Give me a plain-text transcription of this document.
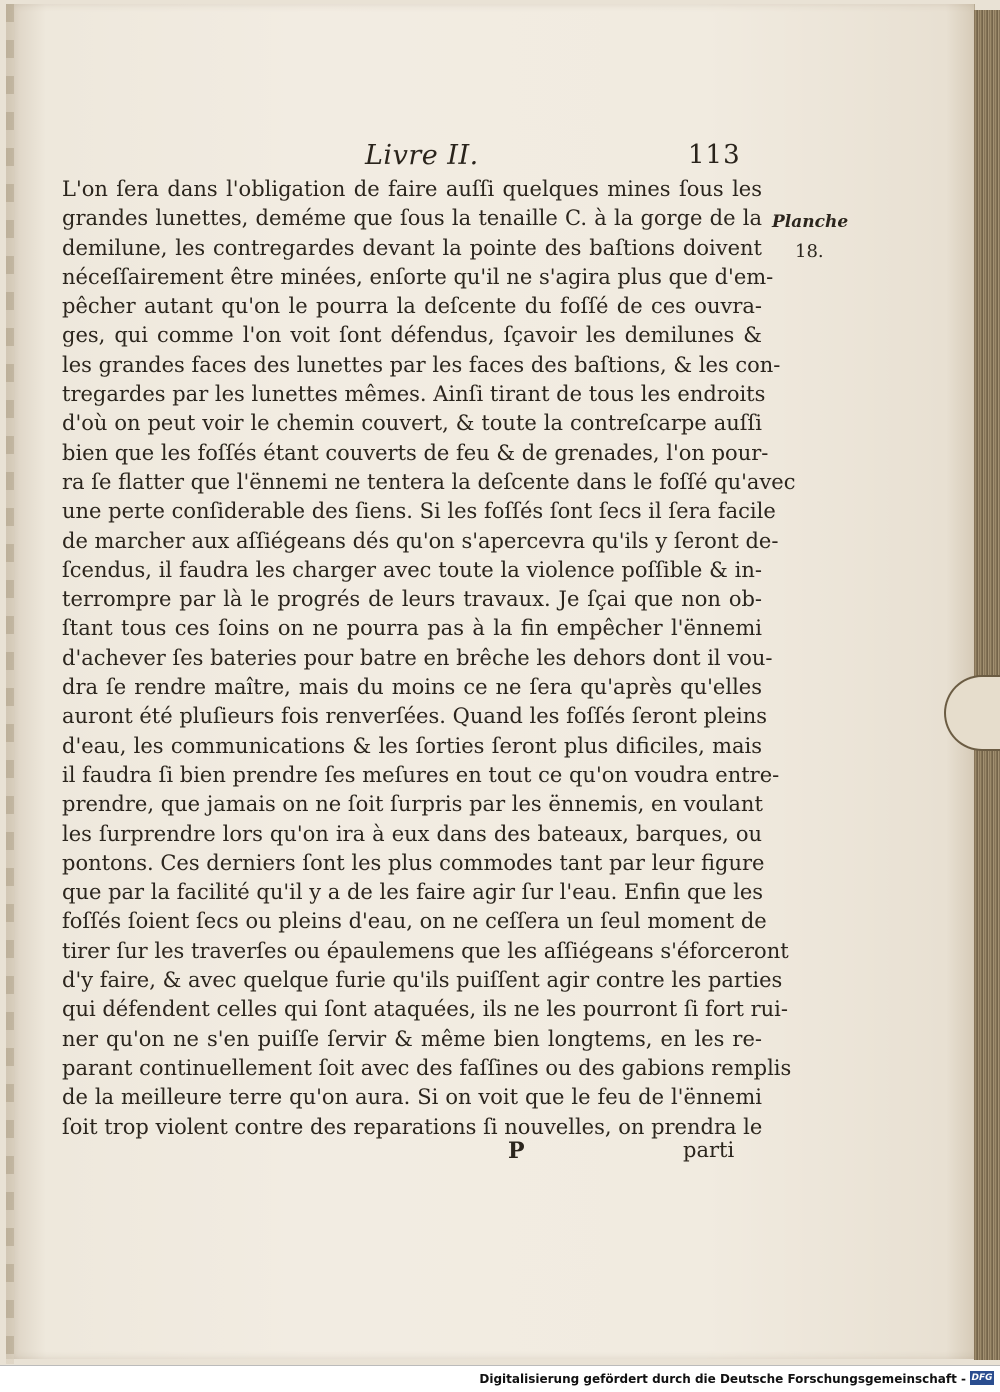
Livre II.	113
Planche
18.
L'on ſera dans l'obligation de faire auſſi quelques mines ſous les
grandes lunettes, deméme que ſous la tenaille C. à la gorge de la
demilune, les contregardes devant la pointe des baſtions doivent
néceſſairement être minées, enſorte qu'il ne s'agira plus que d'em-
pêcher autant qu'on le pourra la deſcente du foſſé de ces ouvra-
ges, qui comme l'on voit ſont défendus, ſçavoir les demilunes &
les grandes faces des lunettes par les faces des baſtions, & les con-
tregardes par les lunettes mêmes. Ainſi tirant de tous les endroits
d'où on peut voir le chemin couvert, & toute la contreſcarpe auſſi
bien que les foſſés étant couverts de feu & de grenades, l'on pour-
ra ſe flatter que l'ënnemi ne tentera la deſcente dans le foſſé qu'avec
une perte conſiderable des ſiens. Si les foſſés ſont ſecs il ſera facile
de marcher aux aſſiégeans dés qu'on s'apercevra qu'ils y ſeront de-
ſcendus, il faudra les charger avec toute la violence poſſible & in-
terrompre par là le progrés de leurs travaux. Je ſçai que non ob-
ſtant tous ces ſoins on ne pourra pas à la fin empêcher l'ënnemi
d'achever ſes bateries pour batre en brêche les dehors dont il vou-
dra ſe rendre maître, mais du moins ce ne ſera qu'après qu'elles
auront été pluſieurs fois renverſées. Quand les foſſés ſeront pleins
d'eau, les communications & les ſorties ſeront plus dificiles, mais
il faudra ſi bien prendre ſes meſures en tout ce qu'on voudra entre-
prendre, que jamais on ne ſoit ſurpris par les ënnemis, en voulant
les ſurprendre lors qu'on ira à eux dans des bateaux, barques, ou
pontons. Ces derniers ſont les plus commodes tant par leur figure
que par la facilité qu'il y a de les faire agir ſur l'eau. Enfin que les
foſſés ſoient ſecs ou pleins d'eau, on ne ceſſera un ſeul moment de
tirer ſur les traverſes ou épaulemens que les aſſiégeans s'éforceront
d'y faire, & avec quelque furie qu'ils puiſſent agir contre les parties
qui défendent celles qui ſont ataquées, ils ne les pourront ſi fort rui-
ner qu'on ne s'en puiſſe ſervir & même bien longtems, en les re-
parant continuellement ſoit avec des faſſines ou des gabions remplis
de la meilleure terre qu'on aura. Si on voit que le feu de l'ënnemi
ſoit trop violent contre des reparations ſi nouvelles, on prendra le
P	parti
Digitalisierung gefördert durch die Deutsche Forschungsgemeinschaft - DFG
